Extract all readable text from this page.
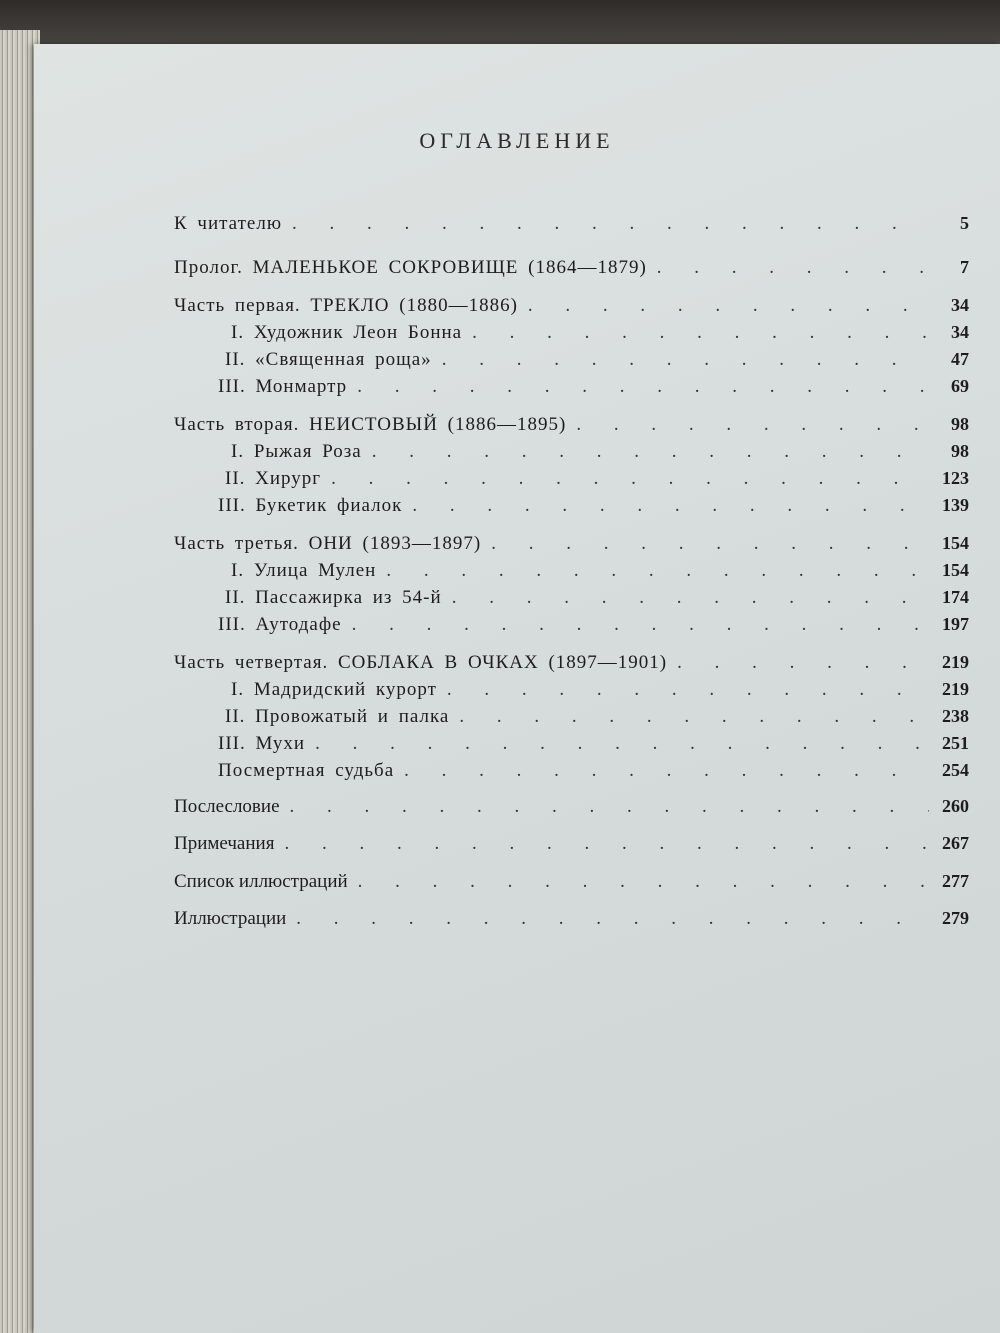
ОГЛАВЛЕНИЕ
К читателю . . .	5
Пролог. МАЛЕНЬКОЕ СОКРОВИЩЕ (1864—1879) . . .	7
Часть первая. ТРЕКЛО (1880—1886) . . .	34
I. Художник Леон Бонна . . .	34
II. «Священная роща» . . .	47
III. Монмартр . . .	69
Часть вторая. НЕИСТОВЫЙ (1886—1895) . . .	98
I. Рыжая Роза . . .	98
II. Хирург . . .	123
III. Букетик фиалок . . .	139
Часть третья. ОНИ (1893—1897) . . .	154
I. Улица Мулен . . .	154
II. Пассажирка из 54-й . . .	174
III. Аутодафе . . .	197
Часть четвертая. СОБЛАКА В ОЧКАХ (1897—1901) . . .	219
I. Мадридский курорт . . .	219
II. Провожатый и палка . . .	238
III. Мухи . . .	251
Посмертная судьба . . .	254
Послесловие . . .	260
Примечания . . .	267
Список иллюстраций . . .	277
Иллюстрации . . .	279
